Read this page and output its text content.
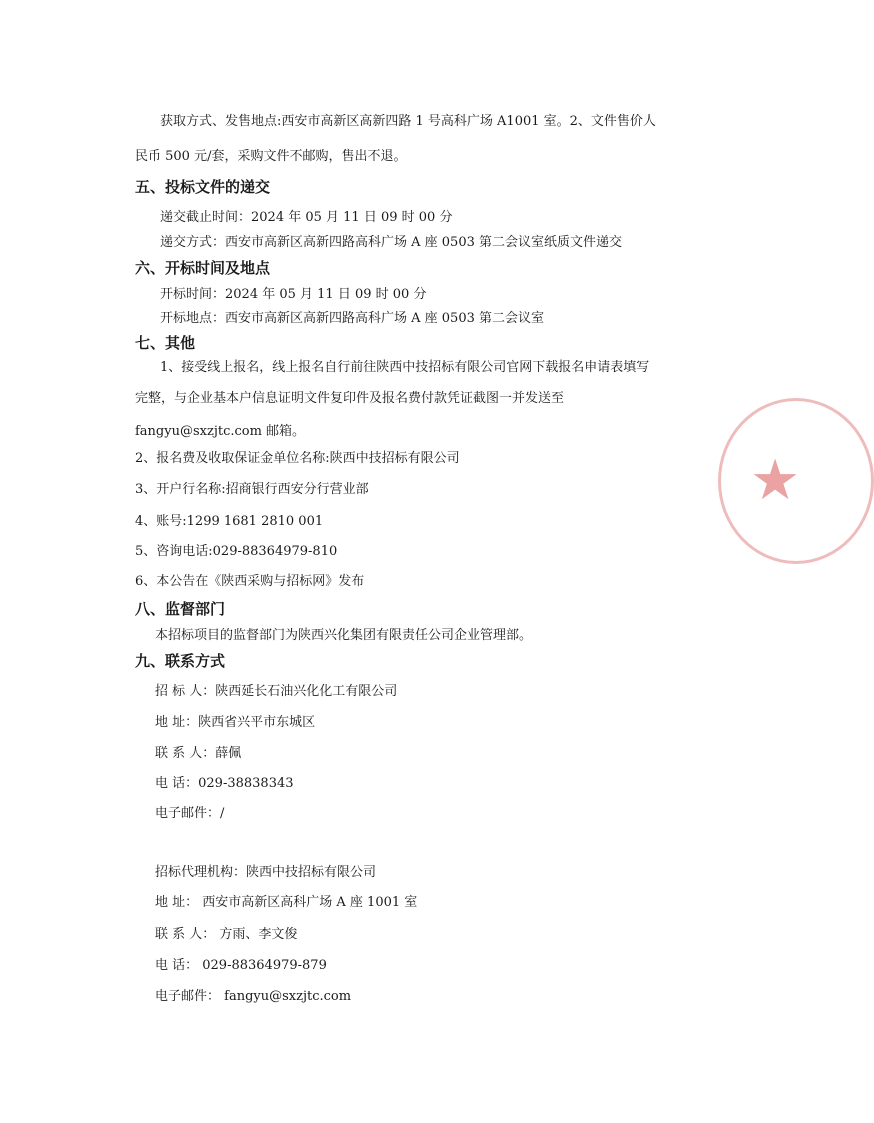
获取方式、发售地点:西安市高新区高新四路 1 号高科广场 A1001 室。2、文件售价人
民币 500 元/套，采购文件不邮购，售出不退。
五、投标文件的递交
递交截止时间：2024 年 05 月 11 日 09 时 00 分
递交方式：西安市高新区高新四路高科广场 A 座 0503 第二会议室纸质文件递交
六、开标时间及地点
开标时间：2024 年 05 月 11 日 09 时 00 分
开标地点：西安市高新区高新四路高科广场 A 座 0503 第二会议室
七、其他
1、接受线上报名，线上报名自行前往陕西中技招标有限公司官网下载报名申请表填写
完整，与企业基本户信息证明文件复印件及报名费付款凭证截图一并发送至
fangyu@sxzjtc.com 邮箱。
2、报名费及收取保证金单位名称:陕西中技招标有限公司
3、开户行名称:招商银行西安分行营业部
4、账号:1299 1681 2810 001
5、咨询电话:029-88364979-810
6、本公告在《陕西采购与招标网》发布
八、监督部门
本招标项目的监督部门为陕西兴化集团有限责任公司企业管理部。
九、联系方式
招 标 人：陕西延长石油兴化化工有限公司
地 址：陕西省兴平市东城区
联 系 人：薛佩
电 话：029-38838343
电子邮件：/
招标代理机构：陕西中技招标有限公司
地 址： 西安市高新区高科广场 A 座 1001 室
联 系 人： 方雨、李文俊
电 话： 029-88364979-879
电子邮件： fangyu@sxzjtc.com
★
